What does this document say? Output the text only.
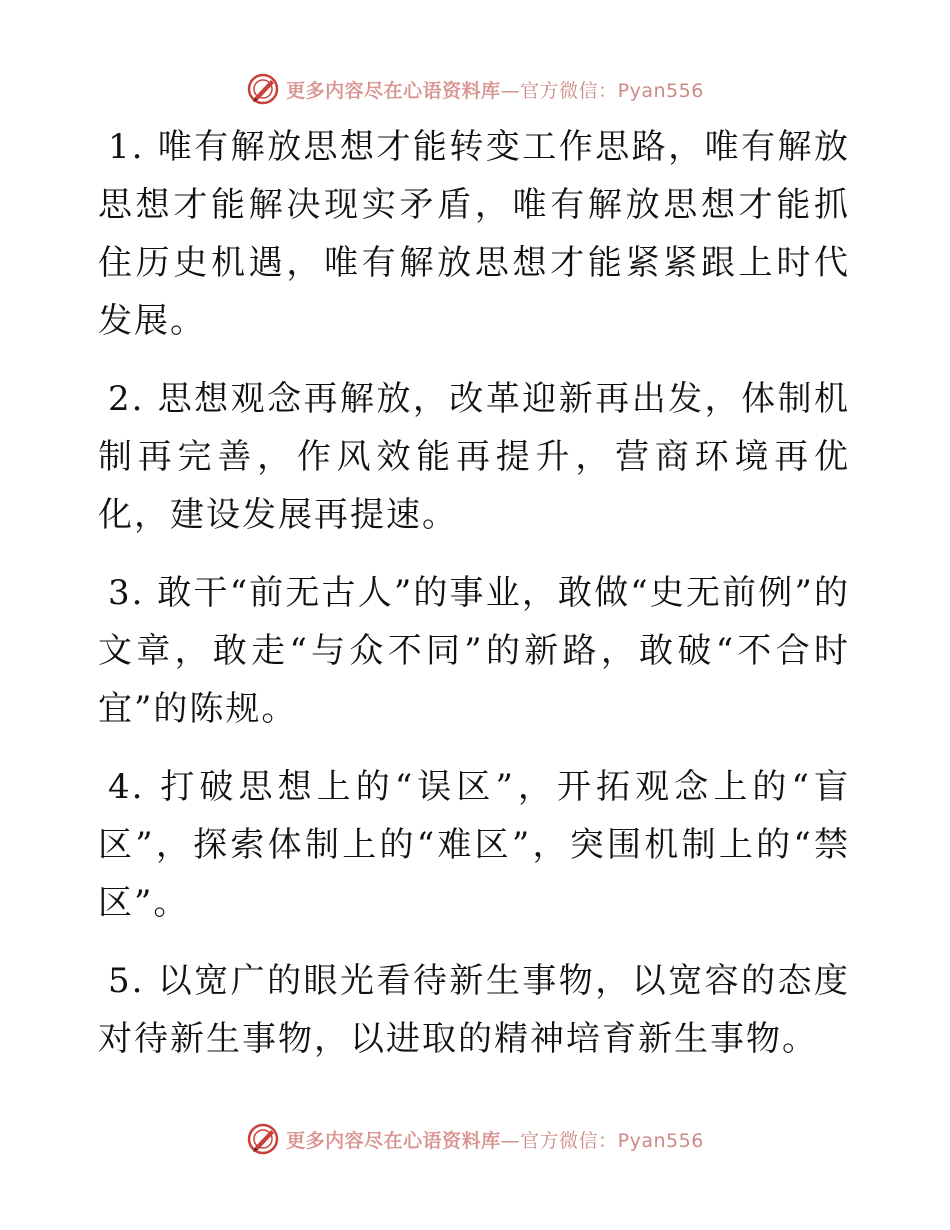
更多内容尽在心语资料库—官方微信：Pyan556

1. 唯有解放思想才能转变工作思路，唯有解放思想才能解决现实矛盾，唯有解放思想才能抓住历史机遇，唯有解放思想才能紧紧跟上时代发展。

2. 思想观念再解放，改革迎新再出发，体制机制再完善，作风效能再提升，营商环境再优化，建设发展再提速。

3. 敢干“前无古人”的事业，敢做“史无前例”的文章，敢走“与众不同”的新路，敢破“不合时宜”的陈规。

4. 打破思想上的“误区”，开拓观念上的“盲区”，探索体制上的“难区”，突围机制上的“禁区”。

5. 以宽广的眼光看待新生事物，以宽容的态度对待新生事物，以进取的精神培育新生事物。

更多内容尽在心语资料库—官方微信：Pyan556
